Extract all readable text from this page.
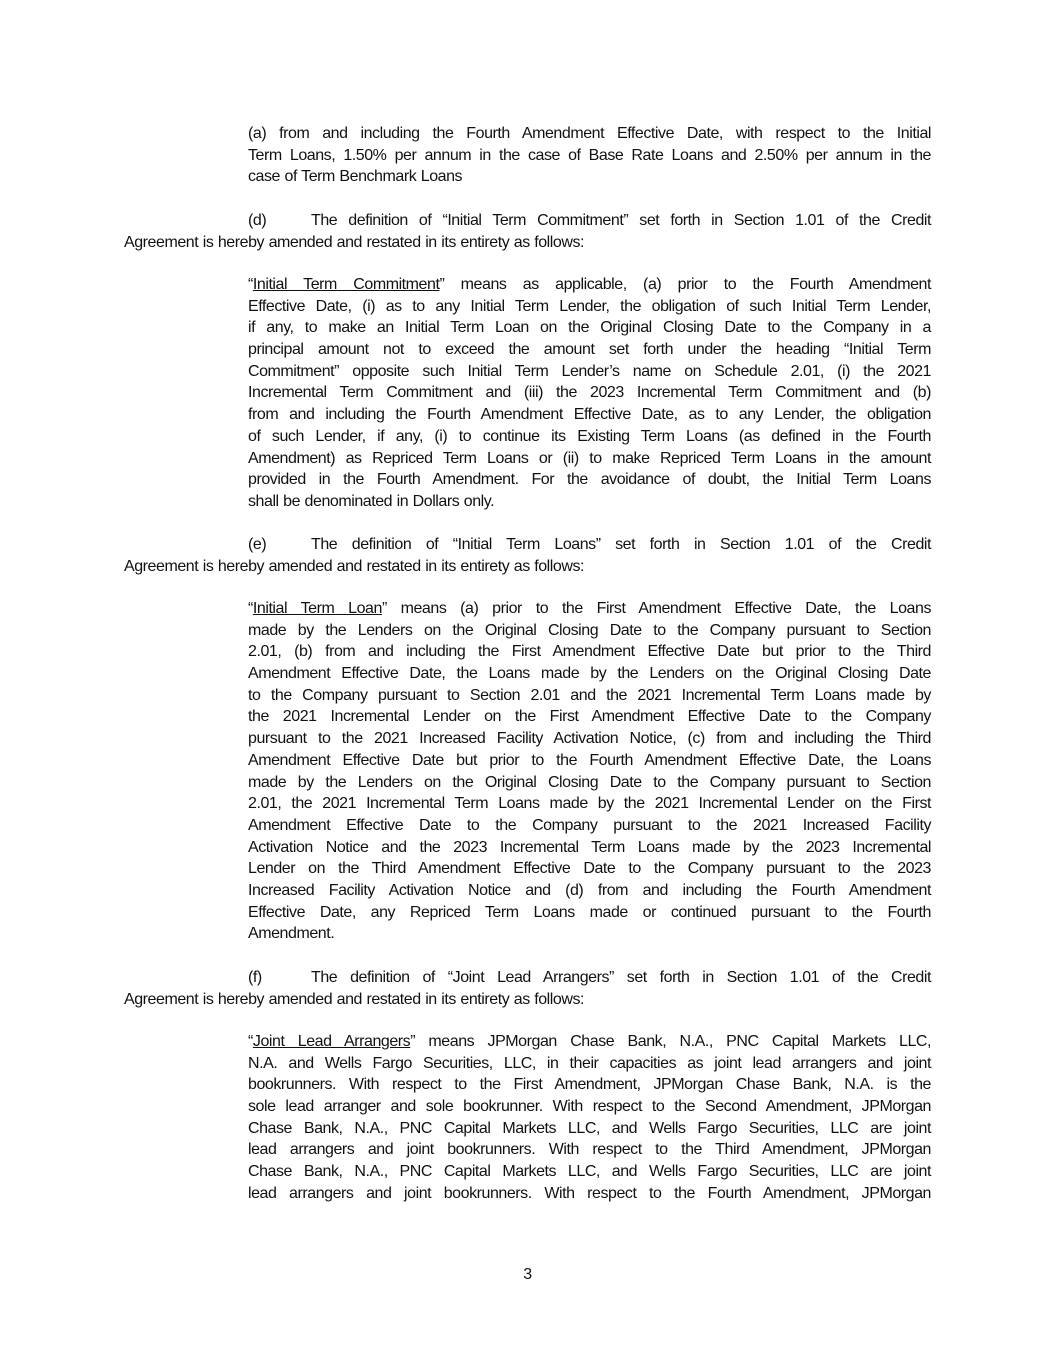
(a) from and including the Fourth Amendment Effective Date, with respect to the Initial
Term Loans, 1.50% per annum in the case of Base Rate Loans and 2.50% per annum in the
case of Term Benchmark Loans
(d)	The definition of “Initial Term Commitment” set forth in Section 1.01 of the Credit
Agreement is hereby amended and restated in its entirety as follows:
“Initial Term Commitment” means as applicable, (a) prior to the Fourth Amendment
Effective Date, (i) as to any Initial Term Lender, the obligation of such Initial Term Lender,
if any, to make an Initial Term Loan on the Original Closing Date to the Company in a
principal amount not to exceed the amount set forth under the heading “Initial Term
Commitment” opposite such Initial Term Lender’s name on Schedule 2.01, (i) the 2021
Incremental Term Commitment and (iii) the 2023 Incremental Term Commitment and (b)
from and including the Fourth Amendment Effective Date, as to any Lender, the obligation
of such Lender, if any, (i) to continue its Existing Term Loans (as defined in the Fourth
Amendment) as Repriced Term Loans or (ii) to make Repriced Term Loans in the amount
provided in the Fourth Amendment. For the avoidance of doubt, the Initial Term Loans
shall be denominated in Dollars only.
(e)	The definition of “Initial Term Loans” set forth in Section 1.01 of the Credit
Agreement is hereby amended and restated in its entirety as follows:
“Initial Term Loan” means (a) prior to the First Amendment Effective Date, the Loans
made by the Lenders on the Original Closing Date to the Company pursuant to Section
2.01, (b) from and including the First Amendment Effective Date but prior to the Third
Amendment Effective Date, the Loans made by the Lenders on the Original Closing Date
to the Company pursuant to Section 2.01 and the 2021 Incremental Term Loans made by
the 2021 Incremental Lender on the First Amendment Effective Date to the Company
pursuant to the 2021 Increased Facility Activation Notice, (c) from and including the Third
Amendment Effective Date but prior to the Fourth Amendment Effective Date, the Loans
made by the Lenders on the Original Closing Date to the Company pursuant to Section
2.01, the 2021 Incremental Term Loans made by the 2021 Incremental Lender on the First
Amendment Effective Date to the Company pursuant to the 2021 Increased Facility
Activation Notice and the 2023 Incremental Term Loans made by the 2023 Incremental
Lender on the Third Amendment Effective Date to the Company pursuant to the 2023
Increased Facility Activation Notice and (d) from and including the Fourth Amendment
Effective Date, any Repriced Term Loans made or continued pursuant to the Fourth
Amendment.
(f)	The definition of “Joint Lead Arrangers” set forth in Section 1.01 of the Credit
Agreement is hereby amended and restated in its entirety as follows:
“Joint Lead Arrangers” means JPMorgan Chase Bank, N.A., PNC Capital Markets LLC,
N.A. and Wells Fargo Securities, LLC, in their capacities as joint lead arrangers and joint
bookrunners. With respect to the First Amendment, JPMorgan Chase Bank, N.A. is the
sole lead arranger and sole bookrunner. With respect to the Second Amendment, JPMorgan
Chase Bank, N.A., PNC Capital Markets LLC, and Wells Fargo Securities, LLC are joint
lead arrangers and joint bookrunners. With respect to the Third Amendment, JPMorgan
Chase Bank, N.A., PNC Capital Markets LLC, and Wells Fargo Securities, LLC are joint
lead arrangers and joint bookrunners. With respect to the Fourth Amendment, JPMorgan
3
